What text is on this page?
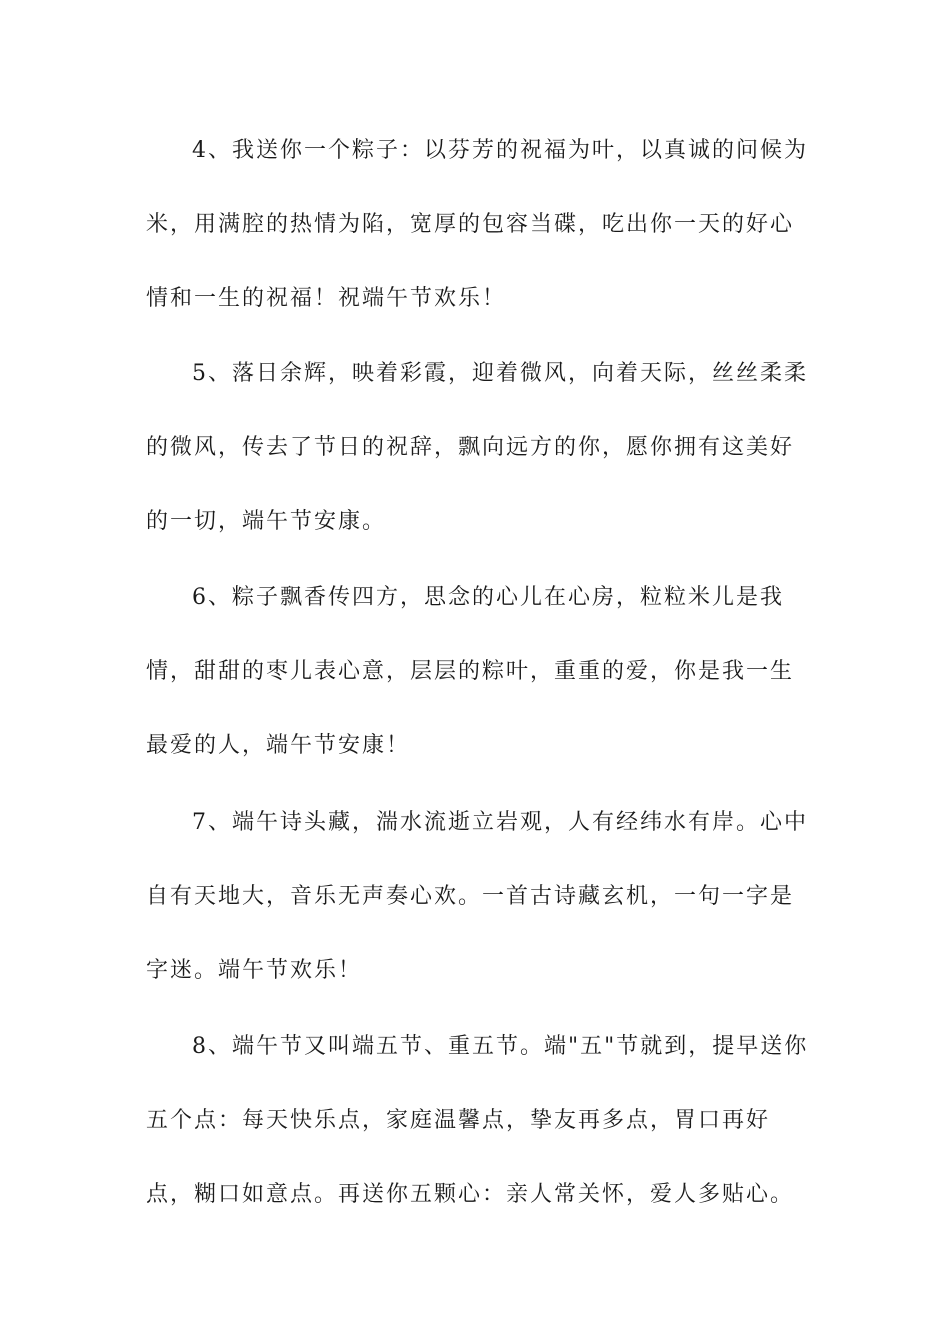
4、我送你一个粽子：以芬芳的祝福为叶，以真诚的问候为米，用满腔的热情为陷，宽厚的包容当碟，吃出你一天的好心情和一生的祝福！祝端午节欢乐！

5、落日余辉，映着彩霞，迎着微风，向着天际，丝丝柔柔的微风，传去了节日的祝辞，飘向远方的你，愿你拥有这美好的一切，端午节安康。

6、粽子飘香传四方，思念的心儿在心房，粒粒米儿是我情，甜甜的枣儿表心意，层层的粽叶，重重的爱，你是我一生最爱的人，端午节安康！

7、端午诗头藏，湍水流逝立岩观，人有经纬水有岸。心中自有天地大，音乐无声奏心欢。一首古诗藏玄机，一句一字是字迷。端午节欢乐！

8、端午节又叫端五节、重五节。端"五"节就到，提早送你五个点：每天快乐点，家庭温馨点，挚友再多点，胃口再好点，糊口如意点。再送你五颗心：亲人常关怀，爱人多贴心。
